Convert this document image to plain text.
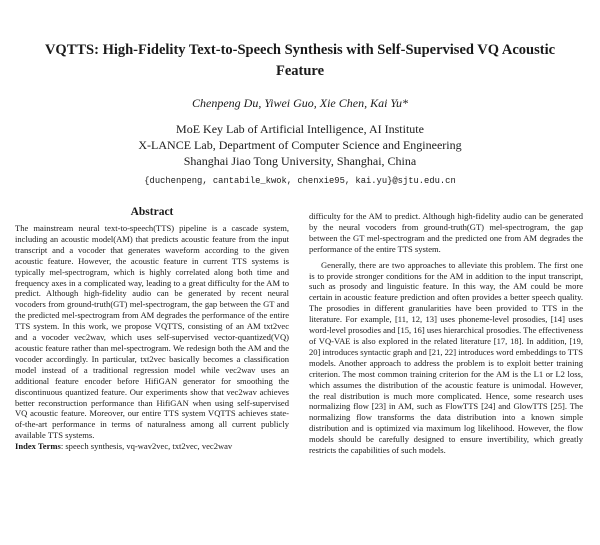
VQTTS: High-Fidelity Text-to-Speech Synthesis with Self-Supervised VQ Acoustic Feature
Chenpeng Du, Yiwei Guo, Xie Chen, Kai Yu*
MoE Key Lab of Artificial Intelligence, AI Institute
X-LANCE Lab, Department of Computer Science and Engineering
Shanghai Jiao Tong University, Shanghai, China
{duchenpeng, cantabile_kwok, chenxie95, kai.yu}@sjtu.edu.cn
Abstract

The mainstream neural text-to-speech(TTS) pipeline is a cascade system, including an acoustic model(AM) that predicts acoustic feature from the input transcript and a vocoder that generates waveform according to the given acoustic feature. However, the acoustic feature in current TTS systems is typically mel-spectrogram, which is highly correlated along both time and frequency axes in a complicated way, leading to a great difficulty for the AM to predict. Although high-fidelity audio can be generated by recent neural vocoders from ground-truth(GT) mel-spectrogram, the gap between the GT and the predicted mel-spectrogram from AM degrades the performance of the entire TTS system. In this work, we propose VQTTS, consisting of an AM txt2vec and a vocoder vec2wav, which uses self-supervised vector-quantized(VQ) acoustic feature rather than mel-spectrogram. We redesign both the AM and the vocoder accordingly. In particular, txt2vec basically becomes a classification model instead of a traditional regression model while vec2wav uses an additional feature encoder before HifiGAN generator for smoothing the discontinuous quantized feature. Our experiments show that vec2wav achieves better reconstruction performance than HifiGAN when using self-supervised VQ acoustic feature. Moreover, our entire TTS system VQTTS achieves state-of-the-art performance in terms of naturalness among all current publicly available TTS systems.

Index Terms: speech synthesis, vq-wav2vec, txt2vec, vec2wav

difficulty for the AM to predict. Although high-fidelity audio can be generated by the neural vocoders from ground-truth(GT) mel-spectrogram, the gap between the GT mel-spectrogram and the predicted one from AM degrades the performance of the entire TTS system.

Generally, there are two approaches to alleviate this problem. The first one is to provide stronger conditions for the AM in addition to the input transcript, such as prosody and linguistic feature. In this way, the AM could be more certain in acoustic feature prediction and often provides a better speech quality. The prosodies in different granularities have been provided to TTS in the literature. For example, [11, 12, 13] uses phoneme-level prosodies, [14] uses word-level prosodies and [15, 16] uses hierarchical prosodies. The effectiveness of VQ-VAE is also explored in the related literature [17, 18]. In addition, [19, 20] introduces syntactic graph and [21, 22] introduces word embeddings to TTS models. Another approach to address the problem is to exploit better training criterion. The most common training criterion for the AM is the L1 or L2 loss, which assumes the distribution of the acoustic feature is unimodal. However, the real distribution is much more complicated. Hence, some research uses normalizing flow [23] in AM, such as FlowTTS [24] and GlowTTS [25]. The normalizing flow transforms the data distribution into a known simple distribution and is optimized via maximum log likelihood. However, the flow models should be carefully designed to ensure invertibility, which greatly restricts the capabilities of such models.
